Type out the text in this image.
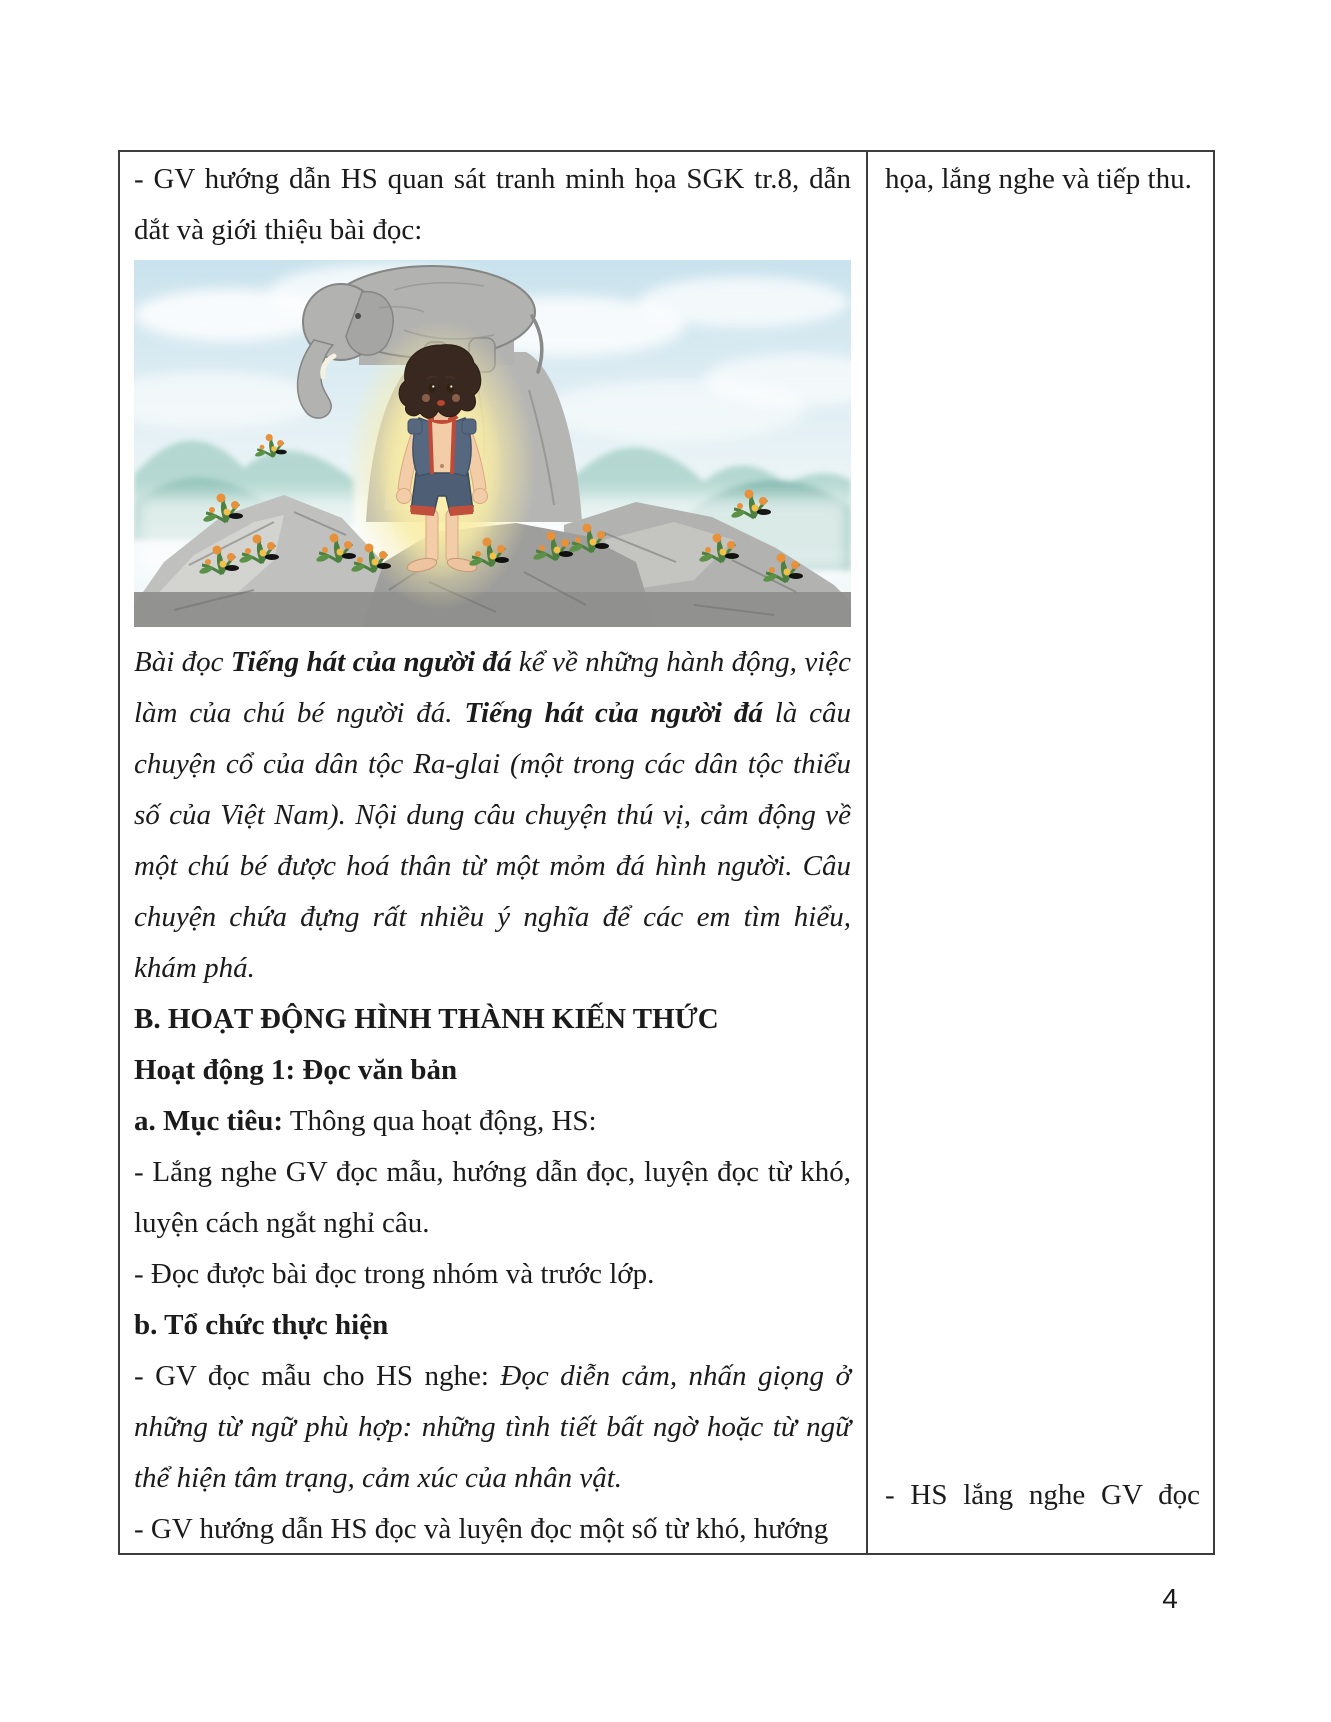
- GV hướng dẫn HS quan sát tranh minh họa SGK tr.8, dẫn dắt và giới thiệu bài đọc:

Bài đọc Tiếng hát của người đá kể về những hành động, việc làm của chú bé người đá. Tiếng hát của người đá là câu chuyện cổ của dân tộc Ra-glai (một trong các dân tộc thiểu số của Việt Nam). Nội dung câu chuyện thú vị, cảm động về một chú bé được hoá thân từ một mỏm đá hình người. Câu chuyện chứa đựng rất nhiều ý nghĩa để các em tìm hiểu, khám phá.

B. HOẠT ĐỘNG HÌNH THÀNH KIẾN THỨC

Hoạt động 1: Đọc văn bản

a. Mục tiêu: Thông qua hoạt động, HS:

- Lắng nghe GV đọc mẫu, hướng dẫn đọc, luyện đọc từ khó, luyện cách ngắt nghỉ câu.

- Đọc được bài đọc trong nhóm và trước lớp.

b. Tổ chức thực hiện

- GV đọc mẫu cho HS nghe: Đọc diễn cảm, nhấn giọng ở những từ ngữ phù hợp: những tình tiết bất ngờ hoặc từ ngữ thể hiện tâm trạng, cảm xúc của nhân vật.

- GV hướng dẫn HS đọc và luyện đọc một số từ khó, hướng

họa, lắng nghe và tiếp thu.

- HS lắng nghe GV đọc

4
